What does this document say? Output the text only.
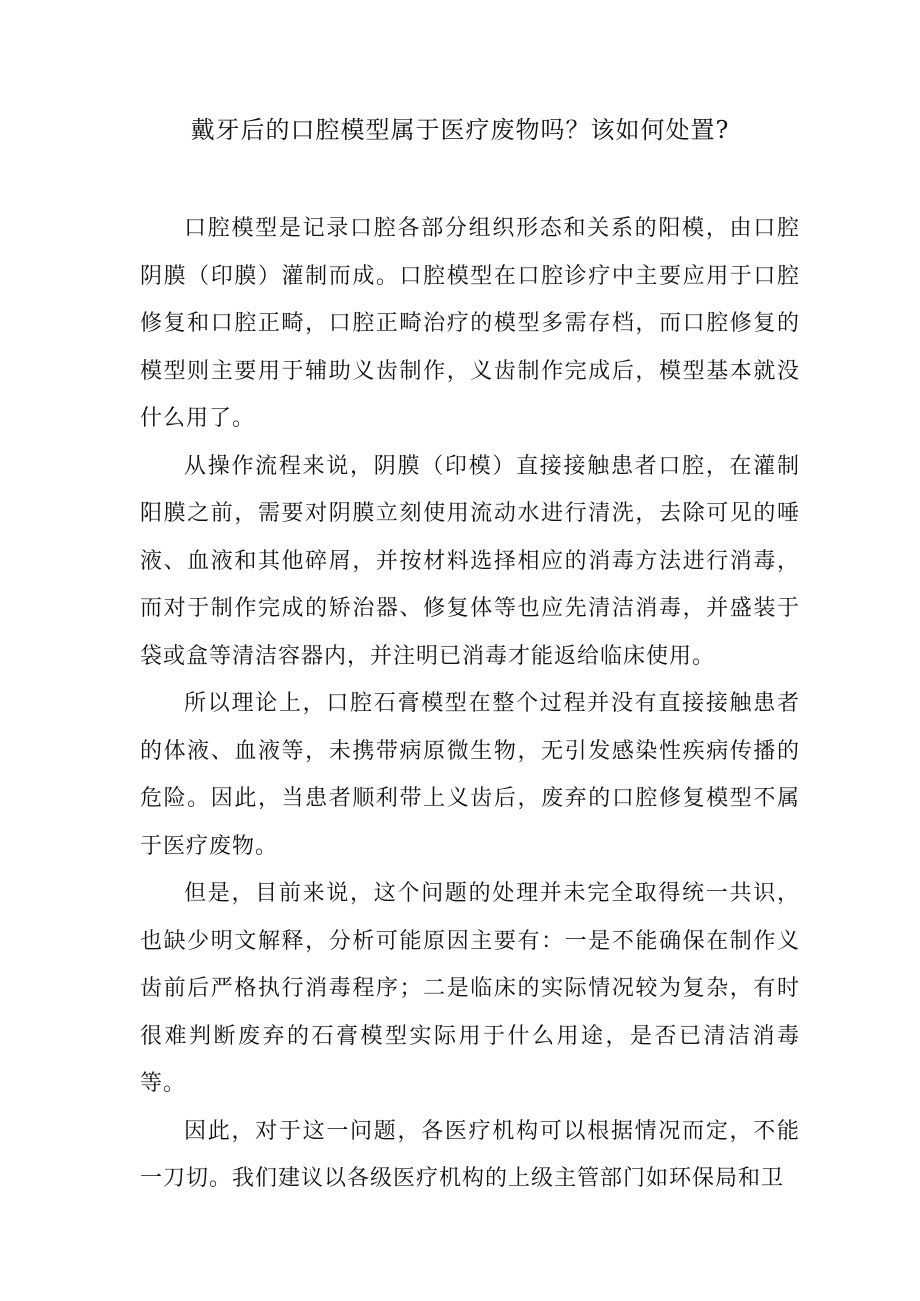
戴牙后的口腔模型属于医疗废物吗？该如何处置?

口腔模型是记录口腔各部分组织形态和关系的阳模，由口腔阴膜（印膜）灌制而成。口腔模型在口腔诊疗中主要应用于口腔修复和口腔正畸，口腔正畸治疗的模型多需存档，而口腔修复的模型则主要用于辅助义齿制作，义齿制作完成后，模型基本就没什么用了。

从操作流程来说，阴膜（印模）直接接触患者口腔，在灌制阳膜之前，需要对阴膜立刻使用流动水进行清洗，去除可见的唾液、血液和其他碎屑，并按材料选择相应的消毒方法进行消毒，而对于制作完成的矫治器、修复体等也应先清洁消毒，并盛装于袋或盒等清洁容器内，并注明已消毒才能返给临床使用。

所以理论上，口腔石膏模型在整个过程并没有直接接触患者的体液、血液等，未携带病原微生物，无引发感染性疾病传播的危险。因此，当患者顺利带上义齿后，废弃的口腔修复模型不属于医疗废物。

但是，目前来说，这个问题的处理并未完全取得统一共识，也缺少明文解释，分析可能原因主要有：一是不能确保在制作义齿前后严格执行消毒程序；二是临床的实际情况较为复杂，有时很难判断废弃的石膏模型实际用于什么用途，是否已清洁消毒等。

因此，对于这一问题，各医疗机构可以根据情况而定，不能一刀切。我们建议以各级医疗机构的上级主管部门如环保局和卫
